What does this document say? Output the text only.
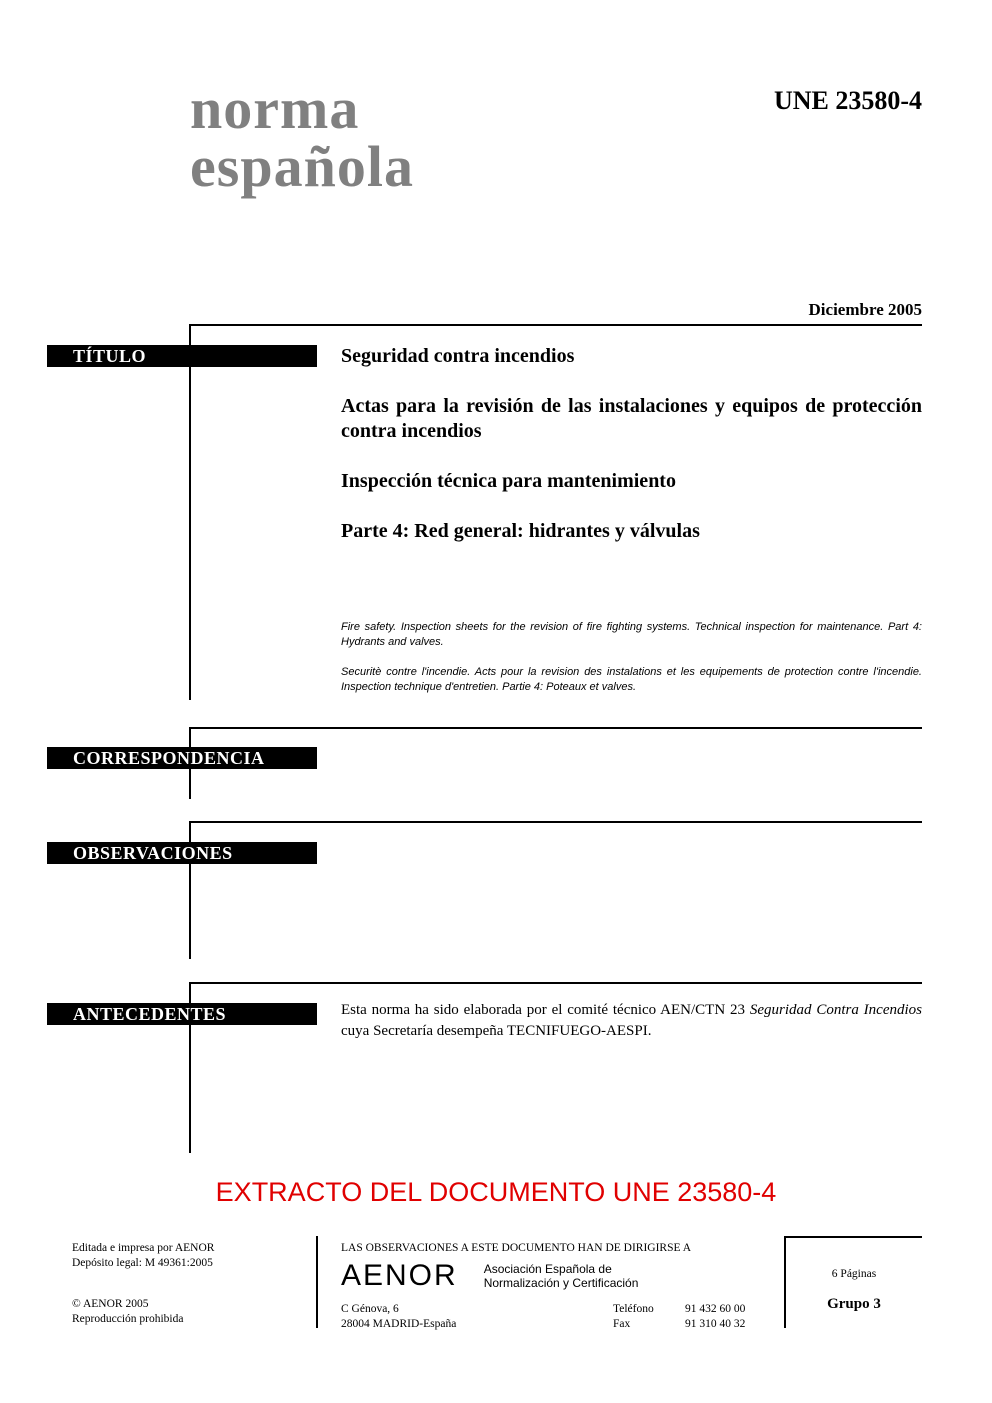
norma
española
UNE 23580-4
Diciembre 2005
TÍTULO	Seguridad contra incendios
Actas para la revisión de las instalaciones y equipos de protección contra incendios
Inspección técnica para mantenimiento
Parte 4: Red general: hidrantes y válvulas
Fire safety. Inspection sheets for the revision of fire fighting systems. Technical inspection for maintenance. Part 4: Hydrants and valves.
Securitè contre l'incendie. Acts pour la revision des instalations et les equipements de protection contre l'incendie. Inspection technique d'entretien. Partie 4: Poteaux et valves.
CORRESPONDENCIA
OBSERVACIONES
ANTECEDENTES	Esta norma ha sido elaborada por el comité técnico AEN/CTN 23 Seguridad Contra Incendios cuya Secretaría desempeña TECNIFUEGO-AESPI.
EXTRACTO DEL DOCUMENTO UNE 23580-4
Editada e impresa por AENOR
Depósito legal: M 49361:2005
© AENOR 2005
Reproducción prohibida
LAS OBSERVACIONES A ESTE DOCUMENTO HAN DE DIRIGIRSE A
AENOR Asociación Española de
Normalización y Certificación
C Génova, 6	Teléfono	91 432 60 00
28004 MADRID-España	Fax	91 310 40 32
6 Páginas
Grupo 3
